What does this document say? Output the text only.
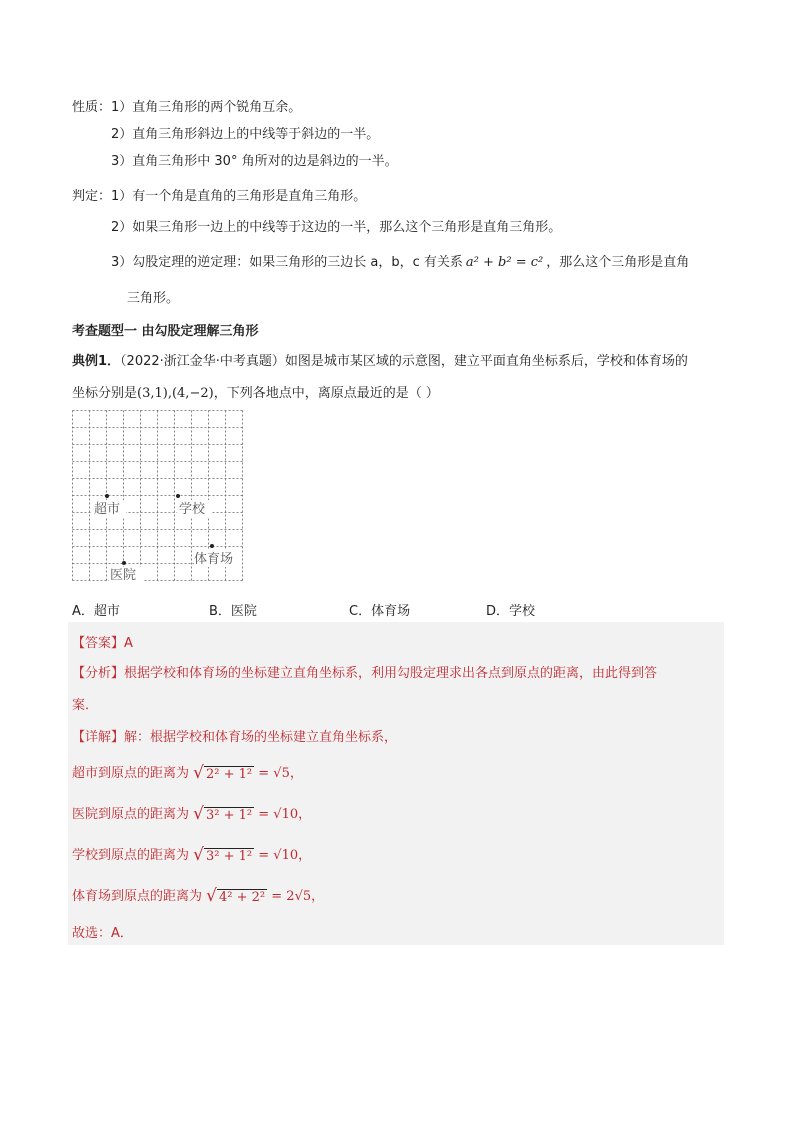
性质： 1）直角三角形的两个锐角互余。
2）直角三角形斜边上的中线等于斜边的一半。
3）直角三角形中 30° 角所对的边是斜边的一半。
判定： 1）有一个角是直角的三角形是直角三角形。
2）如果三角形一边上的中线等于这边的一半，那么这个三角形是直角三角形。
3）勾股定理的逆定理：如果三角形的三边长 a，b，c 有关系 a² + b² = c² ，那么这个三角形是直角
三角形。
考查题型一 由勾股定理解三角形
典例1．（2022·浙江金华·中考真题）如图是城市某区域的示意图，建立平面直角坐标系后，学校和体育场的
坐标分别是(3,1),(4,−2)，下列各地点中，离原点最近的是（ ）
超市	学校
体育场
医院
A．超市	B．医院	C．体育场	D．学校
【答案】A
【分析】根据学校和体育场的坐标建立直角坐标系，利用勾股定理求出各点到原点的距离，由此得到答
案．
【详解】解：根据学校和体育场的坐标建立直角坐标系，
超市到原点的距离为 √ 2² + 1² = √5，
医院到原点的距离为 √ 3² + 1² = √10，
学校到原点的距离为 √ 3² + 1² = √10，
体育场到原点的距离为 √ 4² + 2² = 2√5，
故选：A．
